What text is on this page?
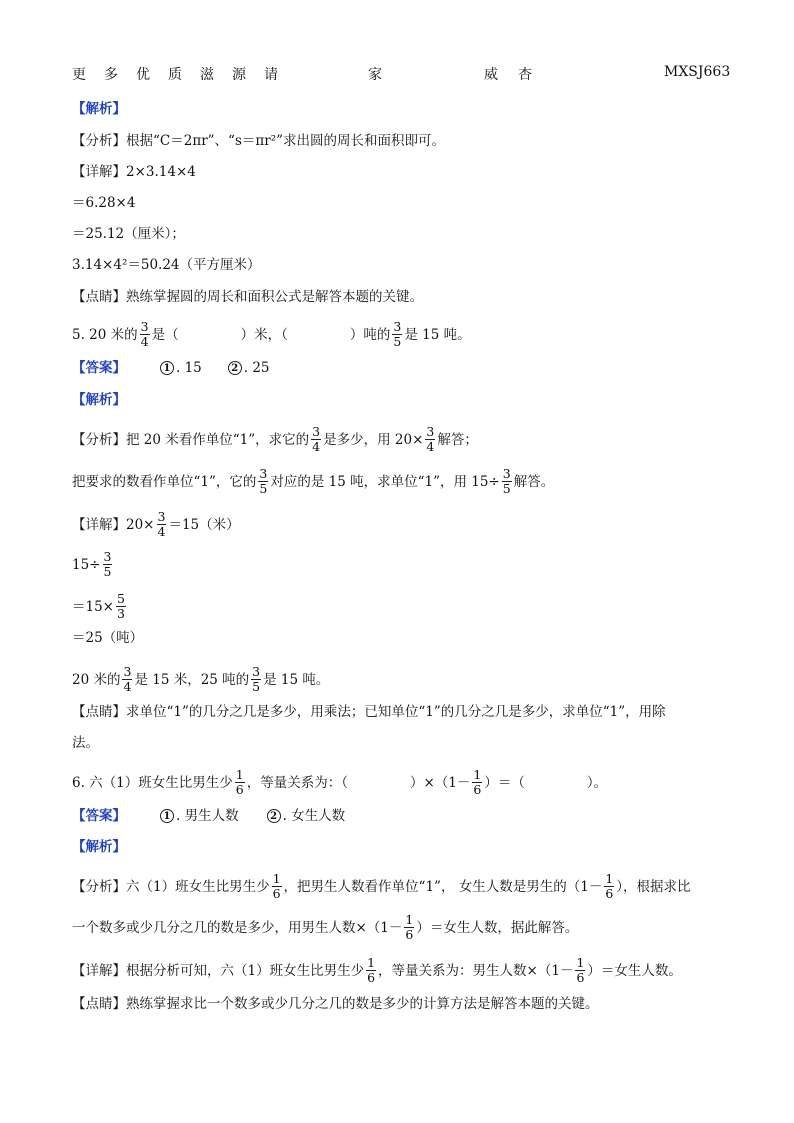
更 多 优 质 滋 源 请	家	威 杏	MXSJ663
【解析】
【分析】 根据“C＝2πr”、“s＝πr²”求出圆的周长和面积即可。
【详解】 2×3.14×4
＝6.28×4
＝25.12（厘米）；
3.14×4²＝50.24（平方厘米）
【点睛】 熟练掌握圆的周长和面积公式是解答本题的关键。
5. 20 米的 $\frac{3}{4}$ 是（	）米，（	）吨的 $\frac{3}{5}$ 是 15 吨。
【答案】	1 . 15	2 . 25
【解析】
【分析】 把 20 米看作单位“1”，求它的 $\frac{3}{4}$ 是多少，用 $20\times \frac{3}{4}$ 解答；
把要求的数看作单位“1”，它的 $\frac{3}{5}$ 对应的是 15 吨，求单位“1”，用 $15\div \frac{3}{5}$ 解答。
【详解】 $20\times \frac{3}{4} =15$（米）
$15\div \frac{3}{5}$
$=15\times \frac{5}{3}$
＝25（吨）
20 米的 $\frac{3}{4}$ 是 15 米，25 吨的 $\frac{3}{5}$ 是 15 吨。
【点睛】 求单位“1”的几分之几是多少，用乘法；已知单位“1”的几分之几是多少，求单位“1”，用除
法。
6. 六（1）班女生比男生少 $\frac{1}{6}$ ，等量关系为：（	）$\times(1- \frac{1}{6}$ ）＝（	）。
【答案】	1 . 男生人数	2 . 女生人数
【解析】
【分析】 六（1）班女生比男生少 $\frac{1}{6}$ ，把男生人数看作单位“1”， 女生人数是男生的（$1- \frac{1}{6}$ ），根据求比
一个数多或少几分之几的数是多少，用男生人数$\times(1- \frac{1}{6}$ ）＝女生人数，据此解答。
【详解】 根据分析可知，六（1）班女生比男生少 $\frac{1}{6}$ ，等量关系为：男生人数$\times(1- \frac{1}{6}$ ）＝女生人数。
【点睛】 熟练掌握求比一个数多或少几分之几的数是多少的计算方法是解答本题的关键。
